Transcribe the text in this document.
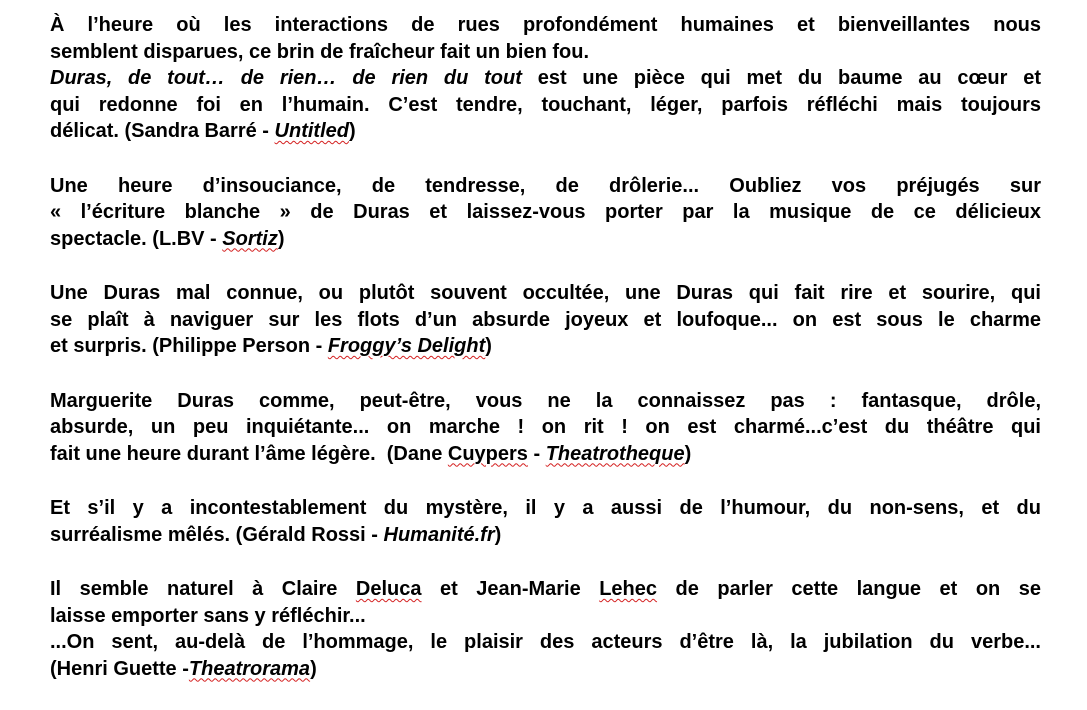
À l’heure où les interactions de rues profondément humaines et bienveillantes nous
semblent disparues, ce brin de fraîcheur fait un bien fou.
Duras, de tout… de rien… de rien du tout est une pièce qui met du baume au cœur et
qui redonne foi en l’humain. C’est tendre, touchant, léger, parfois réfléchi mais toujours
délicat. (Sandra Barré - Untitled)
Une heure d’insouciance, de tendresse, de drôlerie... Oubliez vos préjugés sur
« l’écriture blanche » de Duras et laissez-vous porter par la musique de ce délicieux
spectacle. (L.BV - Sortiz)
Une Duras mal connue, ou plutôt souvent occultée, une Duras qui fait rire et sourire, qui
se plaît à naviguer sur les flots d’un absurde joyeux et loufoque... on est sous le charme
et surpris. (Philippe Person - Froggy’s Delight)
Marguerite Duras comme, peut-être, vous ne la connaissez pas : fantasque, drôle,
absurde, un peu inquiétante... on marche ! on rit ! on est charmé...c’est du théâtre qui
fait une heure durant l’âme légère.  (Dane Cuypers - Theatrotheque)
Et s’il y a incontestablement du mystère, il y a aussi de l’humour, du non-sens, et du
surréalisme mêlés. (Gérald Rossi - Humanité.fr)
Il semble naturel à Claire Deluca et Jean-Marie Lehec de parler cette langue et on se
laisse emporter sans y réfléchir...
...On sent, au-delà de l’hommage, le plaisir des acteurs d’être là, la jubilation du verbe...
(Henri Guette -Theatrorama)
